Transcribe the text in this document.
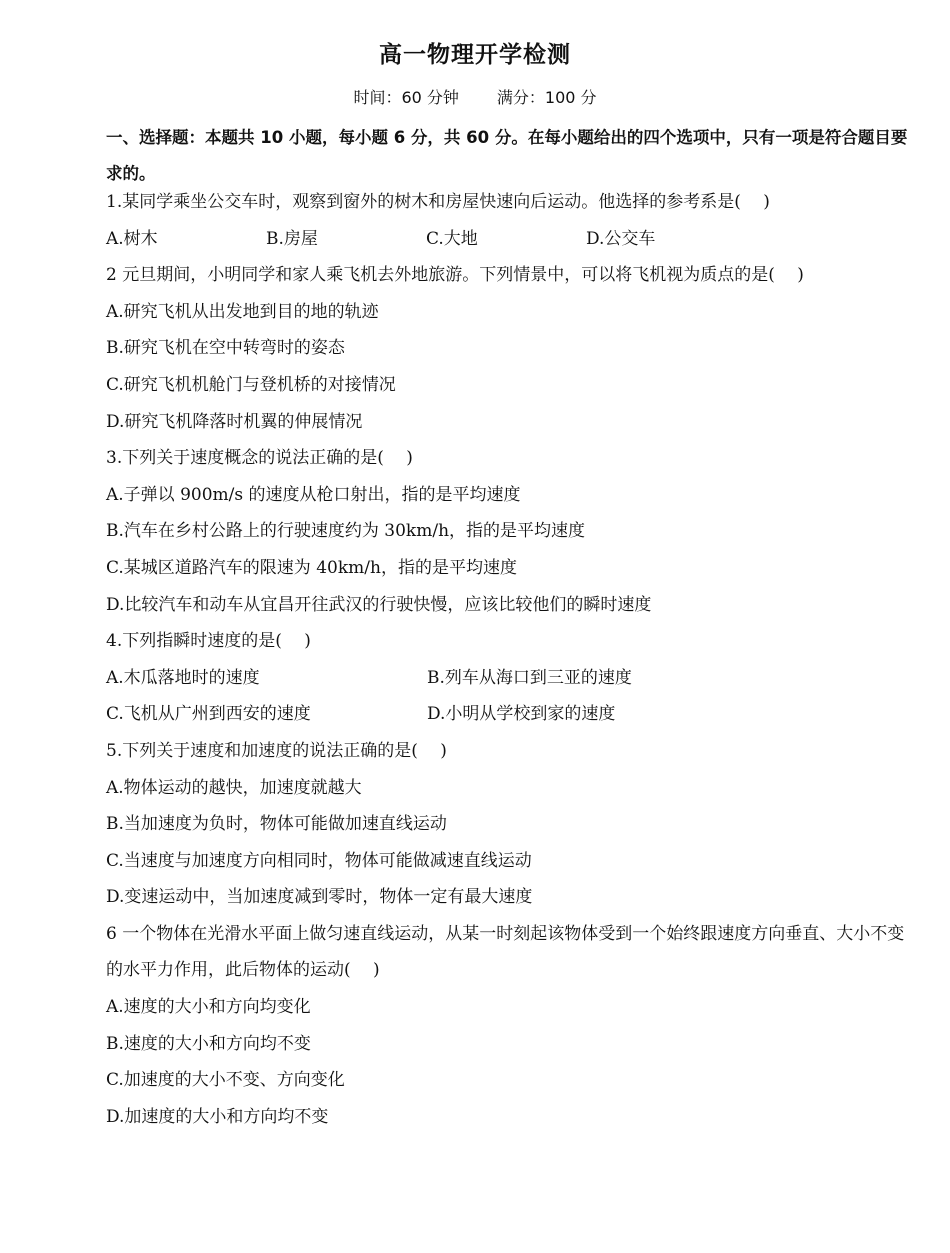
高一物理开学检测
时间：60 分钟 满分：100 分
一、选择题：本题共 10 小题，每小题 6 分，共 60 分。在每小题给出的四个选项中，只有一项是符合题目要求的。
1.某同学乘坐公交车时，观察到窗外的树木和房屋快速向后运动。他选择的参考系是(　 )
A.树木	B.房屋	C.大地	D.公交车
2 元旦期间，小明同学和家人乘飞机去外地旅游。下列情景中，可以将飞机视为质点的是(　 )
A.研究飞机从出发地到目的地的轨迹
B.研究飞机在空中转弯时的姿态
C.研究飞机机舱门与登机桥的对接情况
D.研究飞机降落时机翼的伸展情况
3.下列关于速度概念的说法正确的是(　 )
A.子弹以 900m/s 的速度从枪口射出，指的是平均速度
B.汽车在乡村公路上的行驶速度约为 30km/h，指的是平均速度
C.某城区道路汽车的限速为 40km/h，指的是平均速度
D.比较汽车和动车从宜昌开往武汉的行驶快慢，应该比较他们的瞬时速度
4.下列指瞬时速度的是(　 )
A.木瓜落地时的速度	B.列车从海口到三亚的速度
C.飞机从广州到西安的速度	D.小明从学校到家的速度
5.下列关于速度和加速度的说法正确的是(　 )
A.物体运动的越快，加速度就越大
B.当加速度为负时，物体可能做加速直线运动
C.当速度与加速度方向相同时，物体可能做减速直线运动
D.变速运动中，当加速度减到零时，物体一定有最大速度
6 一个物体在光滑水平面上做匀速直线运动，从某一时刻起该物体受到一个始终跟速度方向垂直、大小不变的水平力作用，此后物体的运动(　 )
A.速度的大小和方向均变化
B.速度的大小和方向均不变
C.加速度的大小不变、方向变化
D.加速度的大小和方向均不变
